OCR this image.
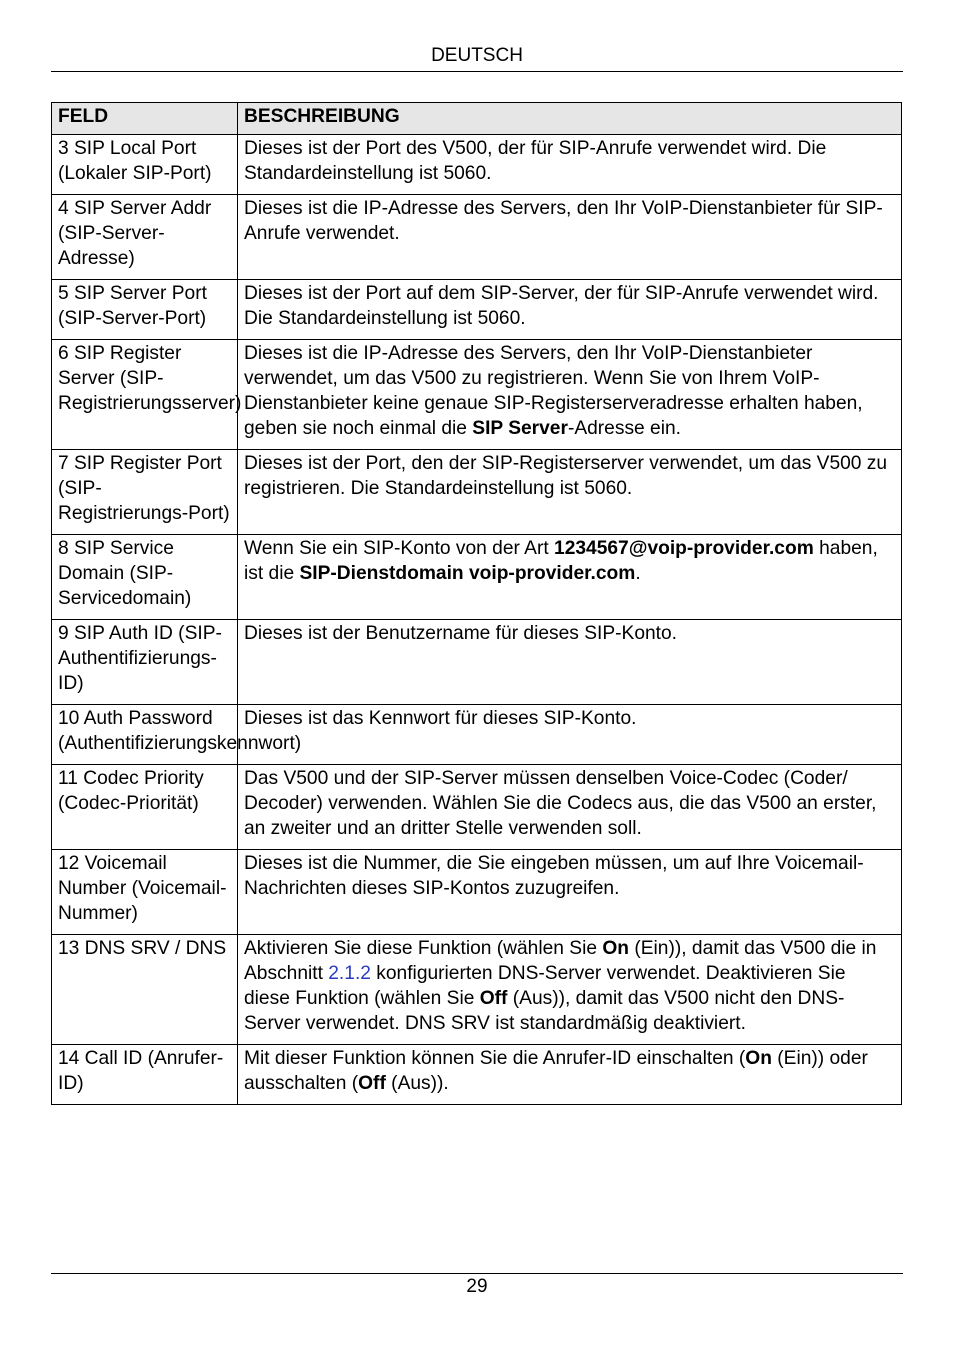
DEUTSCH
FELD	BESCHREIBUNG
3 SIP Local Port (Lokaler SIP-Port)	Dieses ist der Port des V500, der für SIP-Anrufe verwendet wird. Die Standardeinstellung ist 5060.
4 SIP Server Addr (SIP-Server-Adresse)	Dieses ist die IP-Adresse des Servers, den Ihr VoIP-Dienstanbieter für SIP-Anrufe verwendet.
5 SIP Server Port (SIP-Server-Port)	Dieses ist der Port auf dem SIP-Server, der für SIP-Anrufe verwendet wird. Die Standardeinstellung ist 5060.
6 SIP Register Server (SIP-Registrierungsserver)	Dieses ist die IP-Adresse des Servers, den Ihr VoIP-Dienstanbieter verwendet, um das V500 zu registrieren. Wenn Sie von Ihrem VoIP-Dienstanbieter keine genaue SIP-Registerserveradresse erhalten haben, geben sie noch einmal die SIP Server-Adresse ein.
7 SIP Register Port (SIP-Registrierungs-Port)	Dieses ist der Port, den der SIP-Registerserver verwendet, um das V500 zu registrieren. Die Standardeinstellung ist 5060.
8 SIP Service Domain (SIP-Servicedomain)	Wenn Sie ein SIP-Konto von der Art 1234567@voip-provider.com haben, ist die SIP-Dienstdomain voip-provider.com.
9 SIP Auth ID (SIP-Authentifizierungs-ID)	Dieses ist der Benutzername für dieses SIP-Konto.
10 Auth Password (Authentifizierungskennwort)	Dieses ist das Kennwort für dieses SIP-Konto.
11 Codec Priority (Codec-Priorität)	Das V500 und der SIP-Server müssen denselben Voice-Codec (Coder/ Decoder) verwenden. Wählen Sie die Codecs aus, die das V500 an erster, an zweiter und an dritter Stelle verwenden soll.
12 Voicemail Number (Voicemail-Nummer)	Dieses ist die Nummer, die Sie eingeben müssen, um auf Ihre Voicemail-Nachrichten dieses SIP-Kontos zuzugreifen.
13 DNS SRV / DNS	Aktivieren Sie diese Funktion (wählen Sie On (Ein)), damit das V500 die in Abschnitt 2.1.2 konfigurierten DNS-Server verwendet. Deaktivieren Sie diese Funktion (wählen Sie Off (Aus)), damit das V500 nicht den DNS-Server verwendet. DNS SRV ist standardmäßig deaktiviert.
14 Call ID (Anrufer-ID)	Mit dieser Funktion können Sie die Anrufer-ID einschalten (On (Ein)) oder ausschalten (Off (Aus)).
29
